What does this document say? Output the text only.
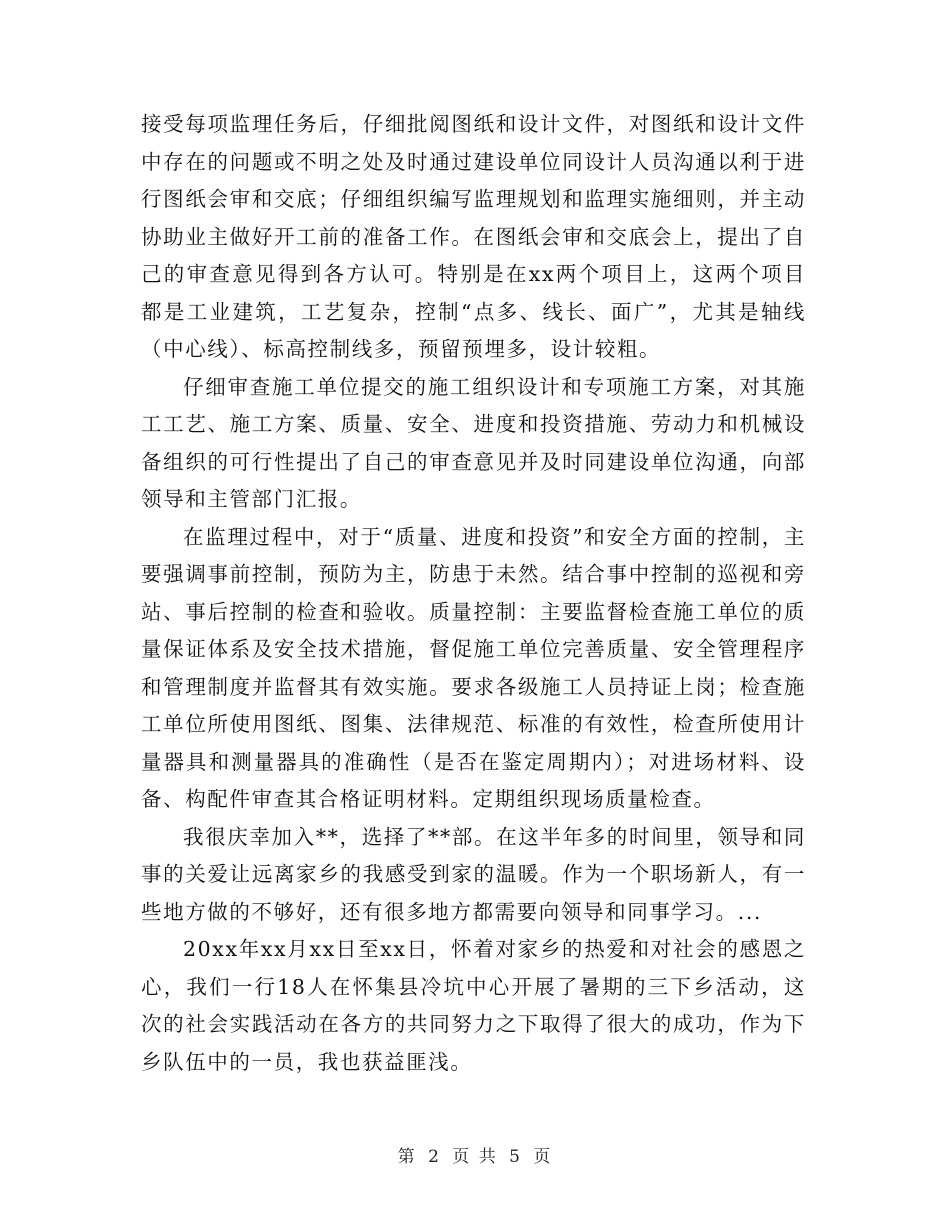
接受每项监理任务后，仔细批阅图纸和设计文件，对图纸和设计文件中存在的问题或不明之处及时通过建设单位同设计人员沟通以利于进行图纸会审和交底；仔细组织编写监理规划和监理实施细则，并主动协助业主做好开工前的准备工作。在图纸会审和交底会上，提出了自己的审查意见得到各方认可。特别是在xx两个项目上，这两个项目都是工业建筑，工艺复杂，控制“点多、线长、面广”，尤其是轴线（中心线）、标高控制线多，预留预埋多，设计较粗。

仔细审查施工单位提交的施工组织设计和专项施工方案，对其施工工艺、施工方案、质量、安全、进度和投资措施、劳动力和机械设备组织的可行性提出了自己的审查意见并及时同建设单位沟通，向部领导和主管部门汇报。

在监理过程中，对于“质量、进度和投资”和安全方面的控制，主要强调事前控制，预防为主，防患于未然。结合事中控制的巡视和旁站、事后控制的检查和验收。质量控制：主要监督检查施工单位的质量保证体系及安全技术措施，督促施工单位完善质量、安全管理程序和管理制度并监督其有效实施。要求各级施工人员持证上岗；检查施工单位所使用图纸、图集、法律规范、标准的有效性，检查所使用计量器具和测量器具的准确性（是否在鉴定周期内）；对进场材料、设备、构配件审查其合格证明材料。定期组织现场质量检查。

我很庆幸加入**，选择了**部。在这半年多的时间里，领导和同事的关爱让远离家乡的我感受到家的温暖。作为一个职场新人，有一些地方做的不够好，还有很多地方都需要向领导和同事学习。...

20xx年xx月xx日至xx日，怀着对家乡的热爱和对社会的感恩之心，我们一行18人在怀集县冷坑中心开展了暑期的三下乡活动，这次的社会实践活动在各方的共同努力之下取得了很大的成功，作为下乡队伍中的一员，我也获益匪浅。

第 2 页 共 5 页
